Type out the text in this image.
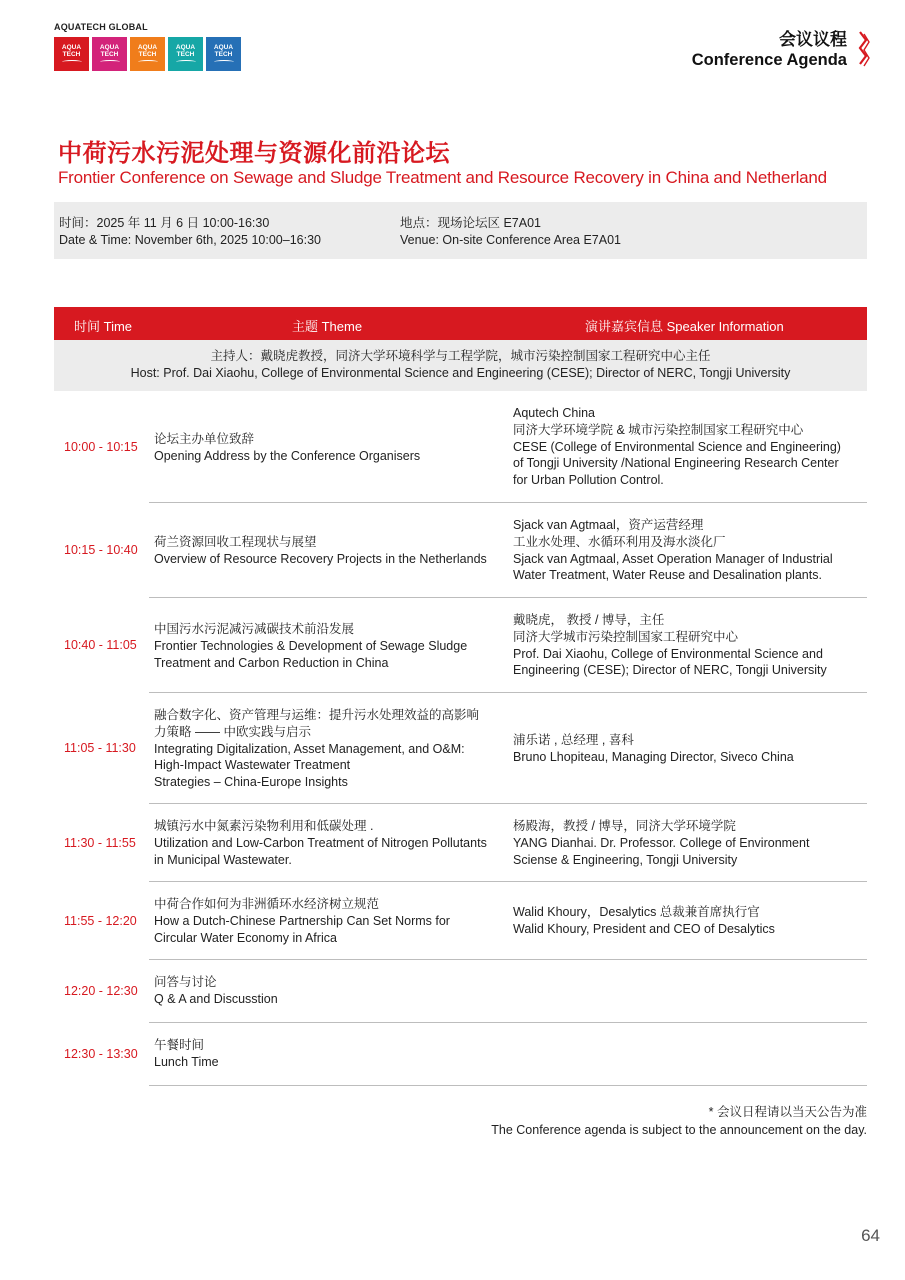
AQUATECH GLOBAL
AQUA
TECH
AQUA
TECH
AQUA
TECH
AQUA
TECH
AQUA
TECH
会议议程
Conference Agenda
中荷污水污泥处理与资源化前沿论坛
Frontier Conference on Sewage and Sludge Treatment and Resource Recovery in China and Netherland
时间：2025 年 11 月 6 日 10:00-16:30
Date & Time: November 6th, 2025 10:00–16:30
地点：现场论坛区 E7A01
Venue: On-site Conference Area E7A01
时间 Time	主题 Theme	演讲嘉宾信息 Speaker Information
主持人：戴晓虎教授，同济大学环境科学与工程学院，城市污染控制国家工程研究中心主任
Host: Prof. Dai Xiaohu, College of Environmental Science and Engineering (CESE); Director of NERC, Tongji University
10:00 - 10:15
论坛主办单位致辞
Opening Address by the Conference Organisers
Aqutech China
同济大学环境学院 & 城市污染控制国家工程研究中心
CESE (College of Environmental Science and Engineering)
of Tongji University /National Engineering Research Center
for Urban Pollution Control.
10:15 - 10:40
荷兰资源回收工程现状与展望
Overview of Resource Recovery Projects in the Netherlands
Sjack van Agtmaal，资产运营经理
工业水处理、水循环利用及海水淡化厂
Sjack van Agtmaal, Asset Operation Manager of Industrial
Water Treatment, Water Reuse and Desalination plants.
10:40 - 11:05
中国污水污泥减污减碳技术前沿发展
Frontier Technologies & Development of Sewage Sludge
Treatment and Carbon Reduction in China
戴晓虎， 教授 / 博导，主任
同济大学城市污染控制国家工程研究中心
Prof. Dai Xiaohu, College of Environmental Science and
Engineering (CESE); Director of NERC, Tongji University
11:05 - 11:30
融合数字化、资产管理与运维：提升污水处理效益的高影响
力策略 —— 中欧实践与启示
Integrating Digitalization, Asset Management, and O&M:
High-Impact Wastewater Treatment
Strategies – China-Europe Insights
浦乐诺 , 总经理 , 喜科
Bruno Lhopiteau, Managing Director, Siveco China
11:30 - 11:55
城镇污水中氮素污染物利用和低碳处理 .
Utilization and Low-Carbon Treatment of Nitrogen Pollutants
in Municipal Wastewater.
杨殿海，教授 / 博导，同济大学环境学院
YANG Dianhai. Dr. Professor. College of Environment
Sciense & Engineering, Tongji University
11:55 - 12:20
中荷合作如何为非洲循环水经济树立规范
How a Dutch-Chinese Partnership Can Set Norms for
Circular Water Economy in Africa
Walid Khoury，Desalytics 总裁兼首席执行官
Walid Khoury, President and CEO of Desalytics
12:20 - 12:30
问答与讨论
Q & A and Discusstion
12:30 - 13:30
午餐时间
Lunch Time
* 会议日程请以当天公告为准
The Conference agenda is subject to the announcement on the day.
64
